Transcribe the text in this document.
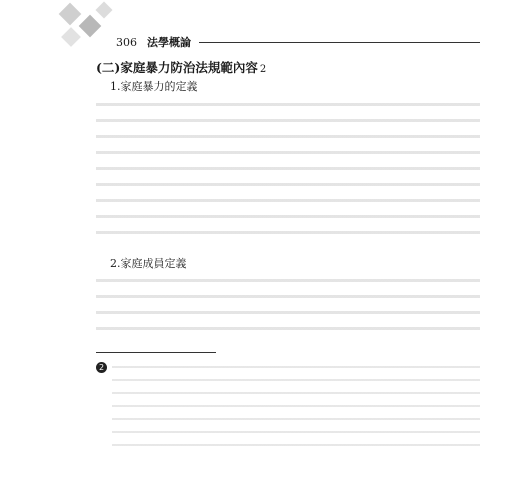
306 法學概論
(二)家庭暴力防治法規範內容 2
1.家庭暴力的定義
2.家庭成員定義
2
